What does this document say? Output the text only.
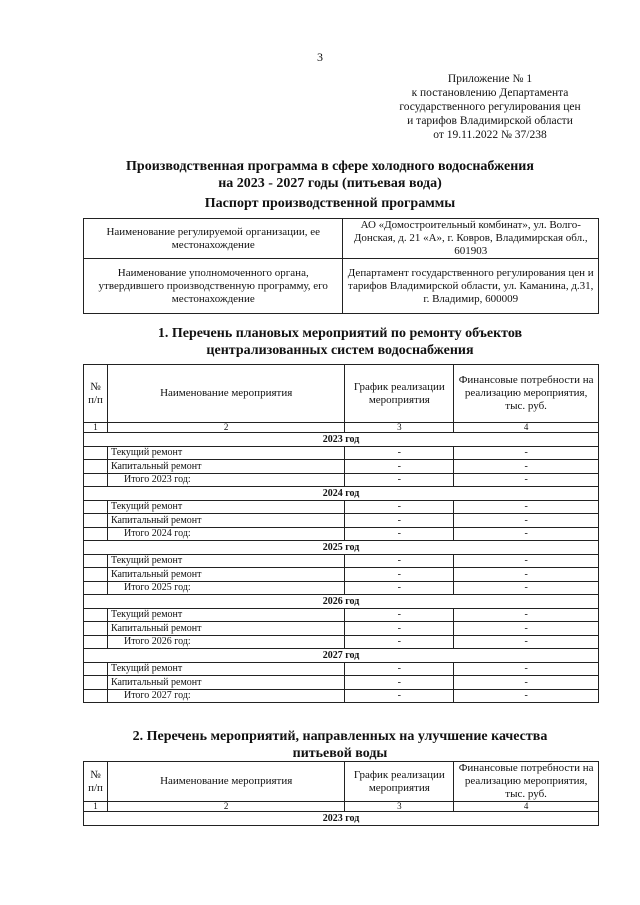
3
Приложение № 1
к постановлению Департамента
государственного регулирования цен
и тарифов Владимирской области
от 19.11.2022 № 37/238
Производственная программа в сфере холодного водоснабжения
на 2023 - 2027 годы (питьевая вода)
Паспорт производственной программы
Наименование регулируемой организации, ее местонахождение	АО «Домостроительный комбинат», ул. Волго-Донская, д. 21 «А», г. Ковров, Владимирская обл., 601903
Наименование уполномоченного органа, утвердившего производственную программу, его местонахождение	Департамент государственного регулирования цен и тарифов Владимирской области, ул. Каманина, д.31, г. Владимир, 600009
1. Перечень плановых мероприятий по ремонту объектов
централизованных систем водоснабжения
№ п/п	Наименование мероприятия	График реализации мероприятия	Финансовые потребности на реализацию мероприятия, тыс. руб.
1	2	3	4
2023 год			
	Текущий ремонт	-	-
	Капитальный ремонт	-	-
	Итого 2023 год:	-	-
2024 год			
	Текущий ремонт	-	-
	Капитальный ремонт	-	-
	Итого 2024 год:	-	-
2025 год			
	Текущий ремонт	-	-
	Капитальный ремонт	-	-
	Итого 2025 год:	-	-
2026 год			
	Текущий ремонт	-	-
	Капитальный ремонт	-	-
	Итого 2026 год:	-	-
2027 год			
	Текущий ремонт	-	-
	Капитальный ремонт	-	-
	Итого 2027 год:	-	-
2. Перечень мероприятий, направленных на улучшение качества
питьевой воды
№ п/п	Наименование мероприятия	График реализации мероприятия	Финансовые потребности на реализацию мероприятия, тыс. руб.
1	2	3	4
2023 год			
